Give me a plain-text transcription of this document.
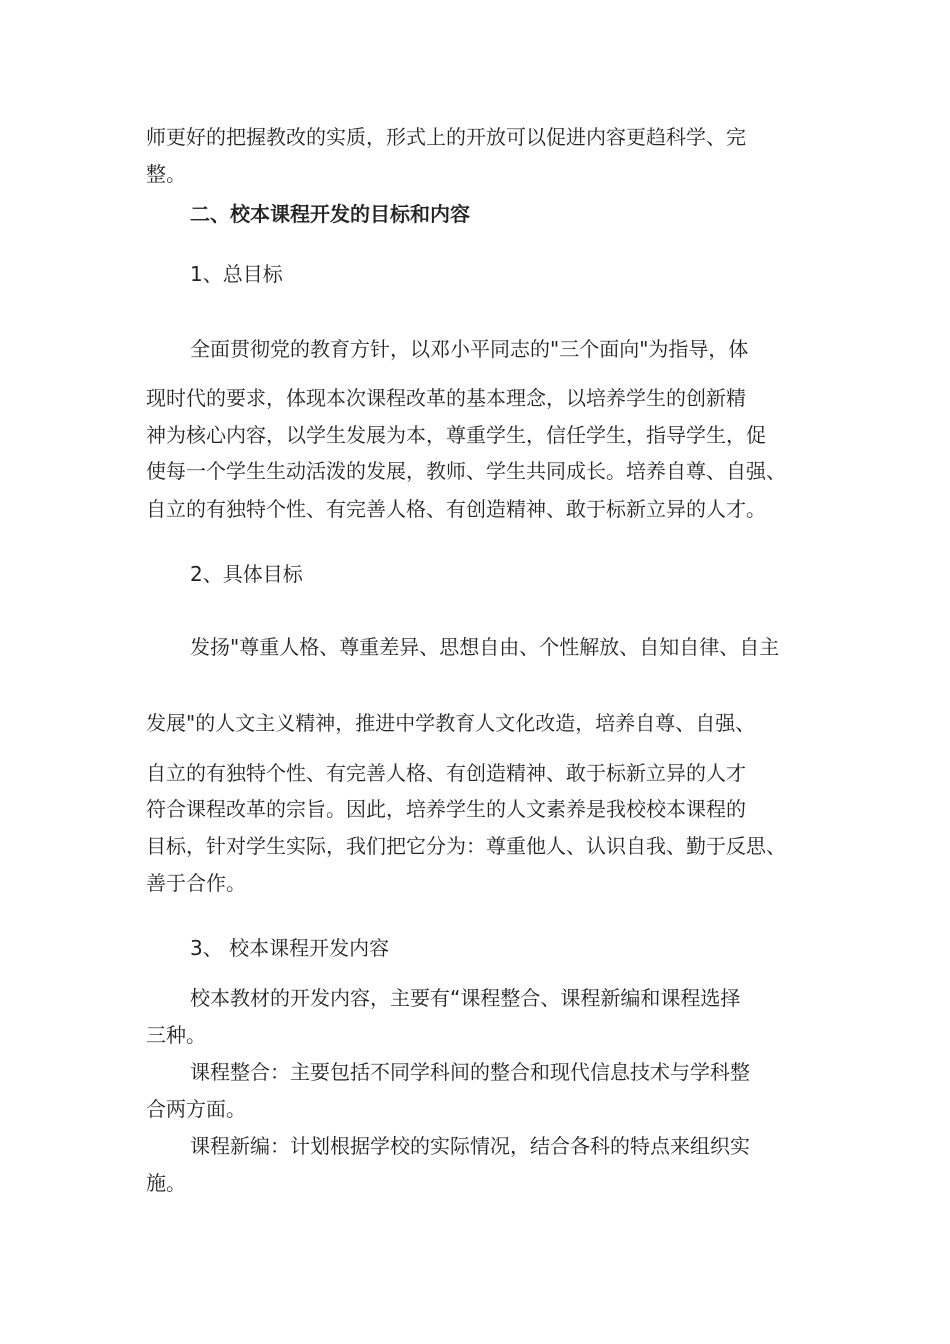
师更好的把握教改的实质，形式上的开放可以促进内容更趋科学、完

整。

二、校本课程开发的目标和内容

1、总目标

全面贯彻党的教育方针，以邓小平同志的"三个面向"为指导，体

现时代的要求，体现本次课程改革的基本理念，以培养学生的创新精

神为核心内容，以学生发展为本，尊重学生，信任学生，指导学生，促

使每一个学生生动活泼的发展，教师、学生共同成长。培养自尊、自强、

自立的有独特个性、有完善人格、有创造精神、敢于标新立异的人才。

2、具体目标

发扬"尊重人格、尊重差异、思想自由、个性解放、自知自律、自主

发展"的人文主义精神，推进中学教育人文化改造，培养自尊、自强、

自立的有独特个性、有完善人格、有创造精神、敢于标新立异的人才

符合课程改革的宗旨。因此，培养学生的人文素养是我校校本课程的

目标，针对学生实际，我们把它分为：尊重他人、认识自我、勤于反思、

善于合作。

3、 校本课程开发内容

校本教材的开发内容，主要有“课程整合、课程新编和课程选择

三种。

课程整合：主要包括不同学科间的整合和现代信息技术与学科整

合两方面。

课程新编：计划根据学校的实际情况，结合各科的特点来组织实

施。
